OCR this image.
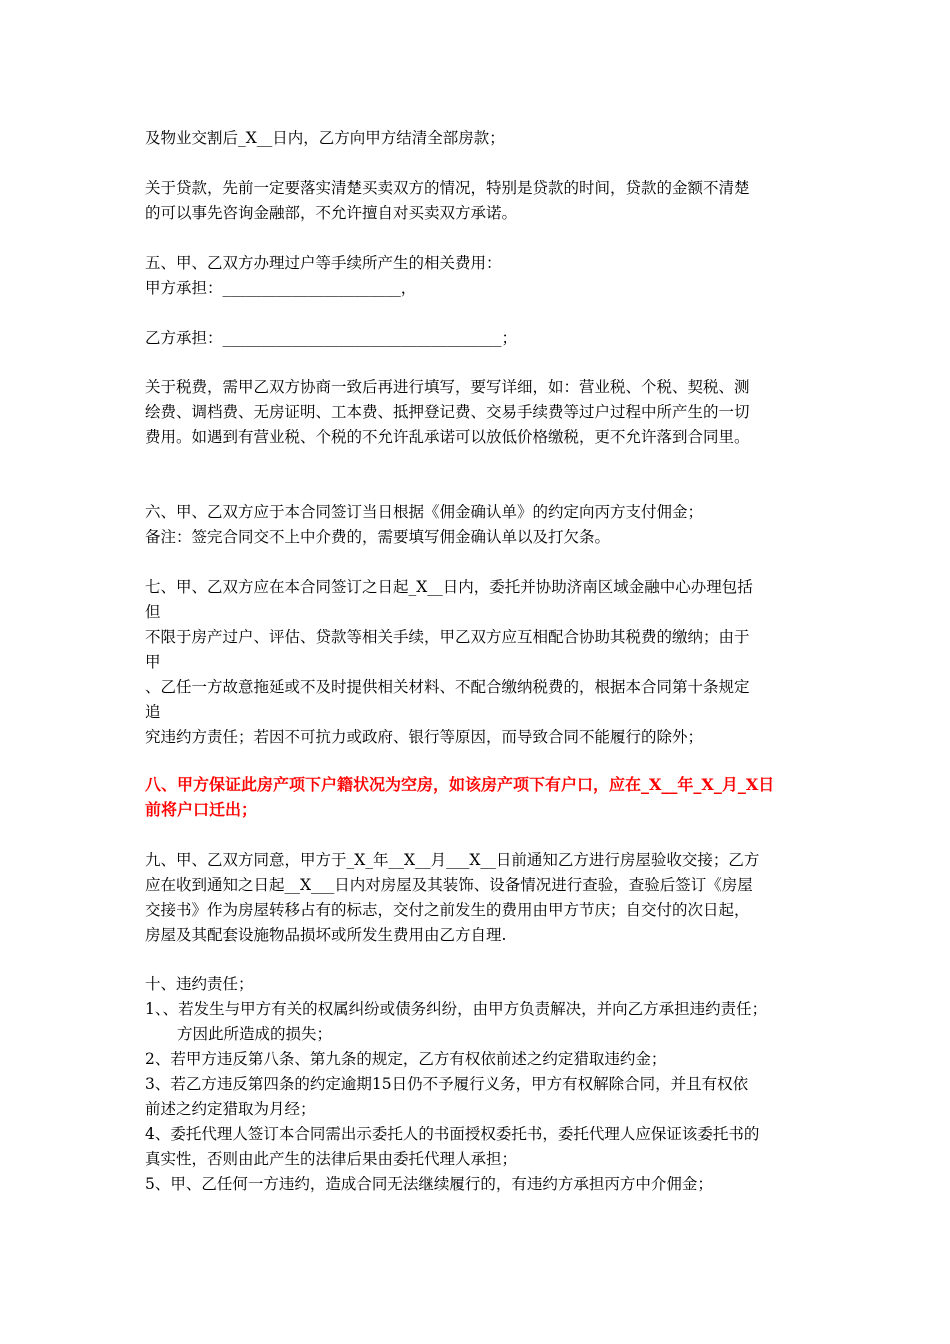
及物业交割后_X__日内，乙方向甲方结清全部房款；
关于贷款，先前一定要落实清楚买卖双方的情况，特别是贷款的时间，贷款的金额不清楚
的可以事先咨询金融部，不允许擅自对买卖双方承诺。
五、甲、乙双方办理过户等手续所产生的相关费用：
甲方承担：_______________________，
乙方承担：____________________________________；
关于税费，需甲乙双方协商一致后再进行填写，要写详细，如：营业税、个税、契税、测
绘费、调档费、无房证明、工本费、抵押登记费、交易手续费等过户过程中所产生的一切
费用。如遇到有营业税、个税的不允许乱承诺可以放低价格缴税，更不允许落到合同里。
六、甲、乙双方应于本合同签订当日根据《佣金确认单》的约定向丙方支付佣金；
备注：签完合同交不上中介费的，需要填写佣金确认单以及打欠条。
七、甲、乙双方应在本合同签订之日起_X__日内，委托并协助济南区域金融中心办理包括
但
不限于房产过户、评估、贷款等相关手续，甲乙双方应互相配合协助其税费的缴纳；由于
甲
、乙任一方故意拖延或不及时提供相关材料、不配合缴纳税费的，根据本合同第十条规定
追
究违约方责任；若因不可抗力或政府、银行等原因，而导致合同不能履行的除外；
八、甲方保证此房产项下户籍状况为空房，如该房产项下有户口，应在_X__年_X_月_X日
前将户口迁出；
九、甲、乙双方同意，甲方于_X_年__X__月___X__日前通知乙方进行房屋验收交接；乙方
应在收到通知之日起__X___日内对房屋及其装饰、设备情况进行查验，查验后签订《房屋
交接书》作为房屋转移占有的标志，交付之前发生的费用由甲方节庆；自交付的次日起，
房屋及其配套设施物品损坏或所发生费用由乙方自理.
十、违约责任；
1、、若发生与甲方有关的权属纠纷或债务纠纷，由甲方负责解决，并向乙方承担违约责任；
方因此所造成的损失；
2、若甲方违反第八条、第九条的规定，乙方有权依前述之约定猎取违约金；
3、若乙方违反第四条的约定逾期15日仍不予履行义务，甲方有权解除合同，并且有权依
前述之约定猎取为月经；
4、委托代理人签订本合同需出示委托人的书面授权委托书，委托代理人应保证该委托书的
真实性，否则由此产生的法律后果由委托代理人承担；
5、甲、乙任何一方违约，造成合同无法继续履行的，有违约方承担丙方中介佣金；
